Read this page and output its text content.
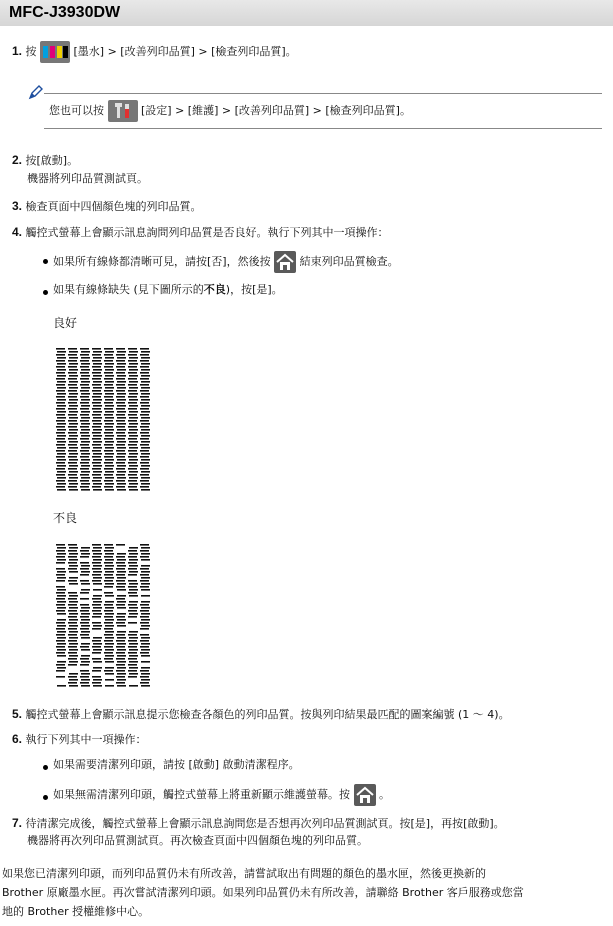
MFC-J3930DW
1. 按	[墨水] > [改善列印品質] > [檢查列印品質]。
您也可以按	[設定] > [維護] > [改善列印品質] > [檢查列印品質]。
2. 按[啟動]。
機器將列印品質測試頁。
3. 檢查頁面中四個顏色塊的列印品質。
4. 觸控式螢幕上會顯示訊息詢問列印品質是否良好。執行下列其中一項操作：
如果所有線條都清晰可見，請按[否]，然後按	結束列印品質檢查。
如果有線條缺失 (見下圖所示的不良)，按[是]。
良好
不良
5. 觸控式螢幕上會顯示訊息提示您檢查各顏色的列印品質。按與列印結果最匹配的圖案編號 (1 ～ 4)。
6. 執行下列其中一項操作：
如果需要清潔列印頭，請按 [啟動] 啟動清潔程序。
如果無需清潔列印頭，觸控式螢幕上將重新顯示維護螢幕。按	。
7. 待清潔完成後，觸控式螢幕上會顯示訊息詢問您是否想再次列印品質測試頁。按[是]，再按[啟動]。
機器將再次列印品質測試頁。再次檢查頁面中四個顏色塊的列印品質。
如果您已清潔列印頭，而列印品質仍未有所改善，請嘗試取出有問題的顏色的墨水匣，然後更換新的
Brother 原廠墨水匣。再次嘗試清潔列印頭。如果列印品質仍未有所改善，請聯絡 Brother 客戶服務或您當
地的 Brother 授權維修中心。
